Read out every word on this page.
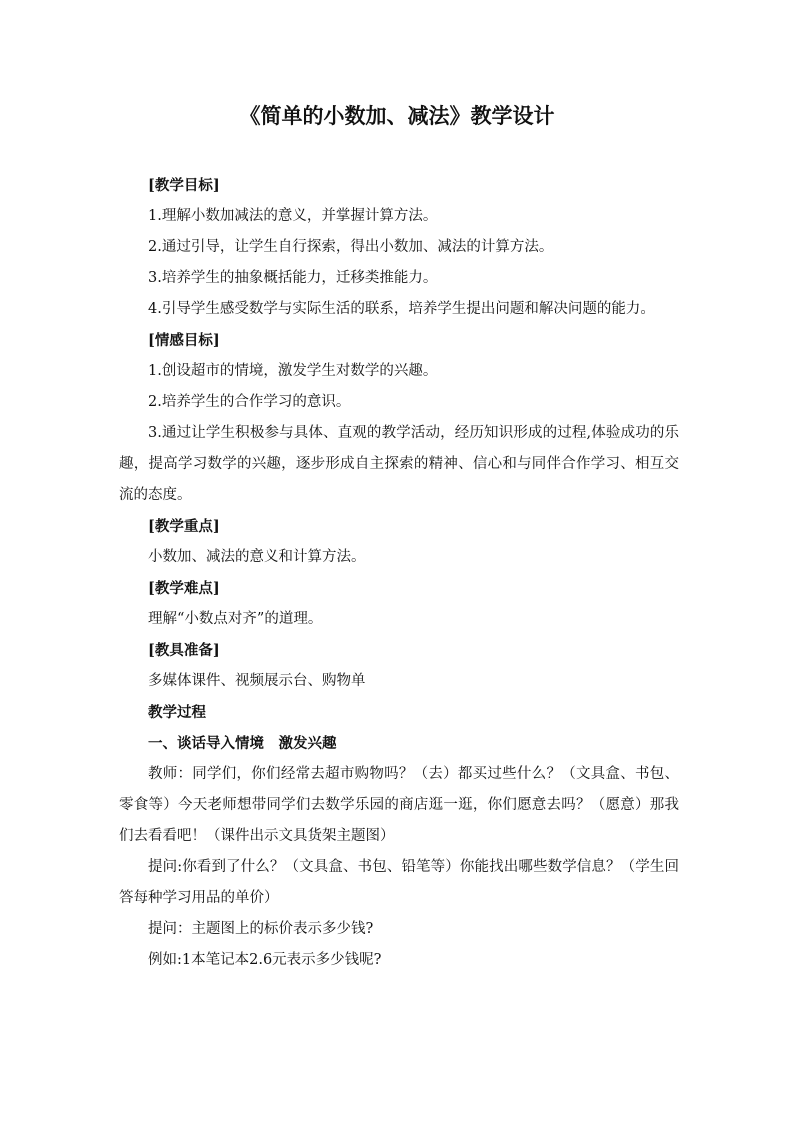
《简单的小数加、减法》教学设计

[教学目标]

1.理解小数加减法的意义，并掌握计算方法。

2.通过引导，让学生自行探索，得出小数加、减法的计算方法。

3.培养学生的抽象概括能力，迁移类推能力。

4.引导学生感受数学与实际生活的联系，培养学生提出问题和解决问题的能力。

[情感目标]

1.创设超市的情境，激发学生对数学的兴趣。

2.培养学生的合作学习的意识。

3.通过让学生积极参与具体、直观的教学活动，经历知识形成的过程,体验成功的乐趣，提高学习数学的兴趣，逐步形成自主探索的精神、信心和与同伴合作学习、相互交流的态度。

[教学重点]

小数加、减法的意义和计算方法。

[教学难点]

理解“小数点对齐”的道理。

[教具准备]

多媒体课件、视频展示台、购物单

教学过程

一、谈话导入情境　激发兴趣

教师：同学们，你们经常去超市购物吗？（去）都买过些什么？（文具盒、书包、零食等）今天老师想带同学们去数学乐园的商店逛一逛，你们愿意去吗？（愿意）那我们去看看吧！（课件出示文具货架主题图）

提问:你看到了什么？（文具盒、书包、铅笔等）你能找出哪些数学信息？（学生回答每种学习用品的单价）

提问：主题图上的标价表示多少钱?

例如:1本笔记本2.6元表示多少钱呢?
